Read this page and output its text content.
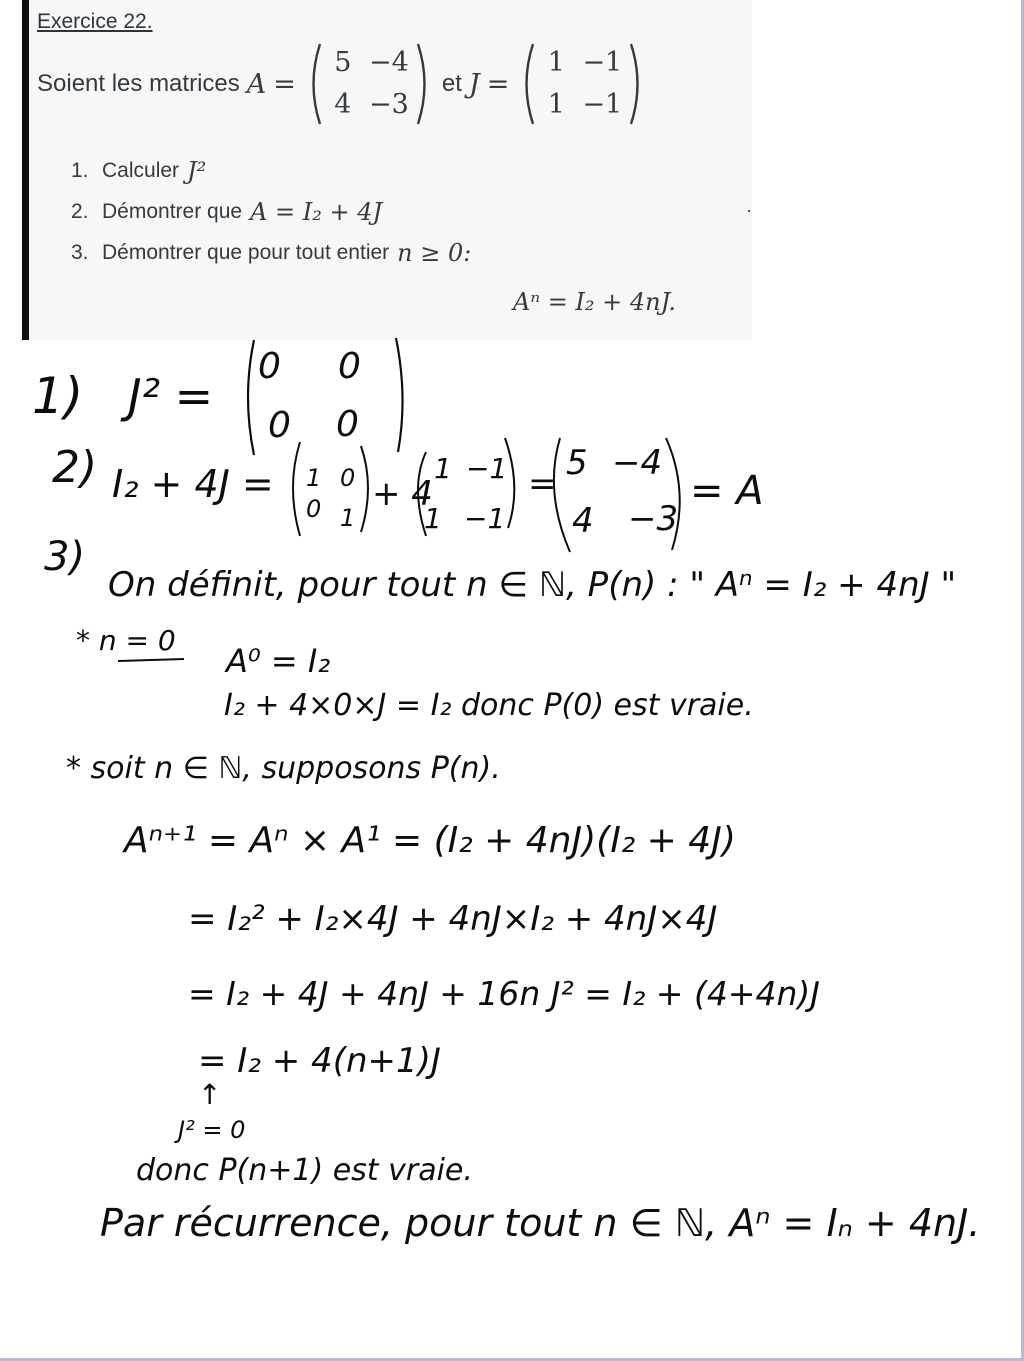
Exercice 22.
Soient les matrices A =
5 −4
4 −3
et J =
1 −1
1 −1
1. Calculer J²
2. Démontrer que A = I₂ + 4J
3. Démontrer que pour tout entier n ≥ 0:
Aⁿ = I₂ + 4nJ.
1) J² =
0 0
0 0
2) I₂ + 4J = 1 0
0 1
+ 4
1 −1
1 −1
=
5 −4
4 −3
= A
3)
On définit, pour tout n ∈ ℕ, P(n) : " Aⁿ = I₂ + 4nJ "
* n = 0
A⁰ = I₂
I₂ + 4×0×J = I₂ donc P(0) est vraie.
* soit n ∈ ℕ, supposons P(n).
Aⁿ⁺¹ = Aⁿ × A¹ = (I₂ + 4nJ)(I₂ + 4J)
= I₂² + I₂×4J + 4nJ×I₂ + 4nJ×4J
= I₂ + 4J + 4nJ + 16n J² = I₂ + (4+4n)J
= I₂ + 4(n+1)J
↑
J² = 0
donc P(n+1) est vraie.
Par récurrence, pour tout n ∈ ℕ, Aⁿ = Iₙ + 4nJ.
